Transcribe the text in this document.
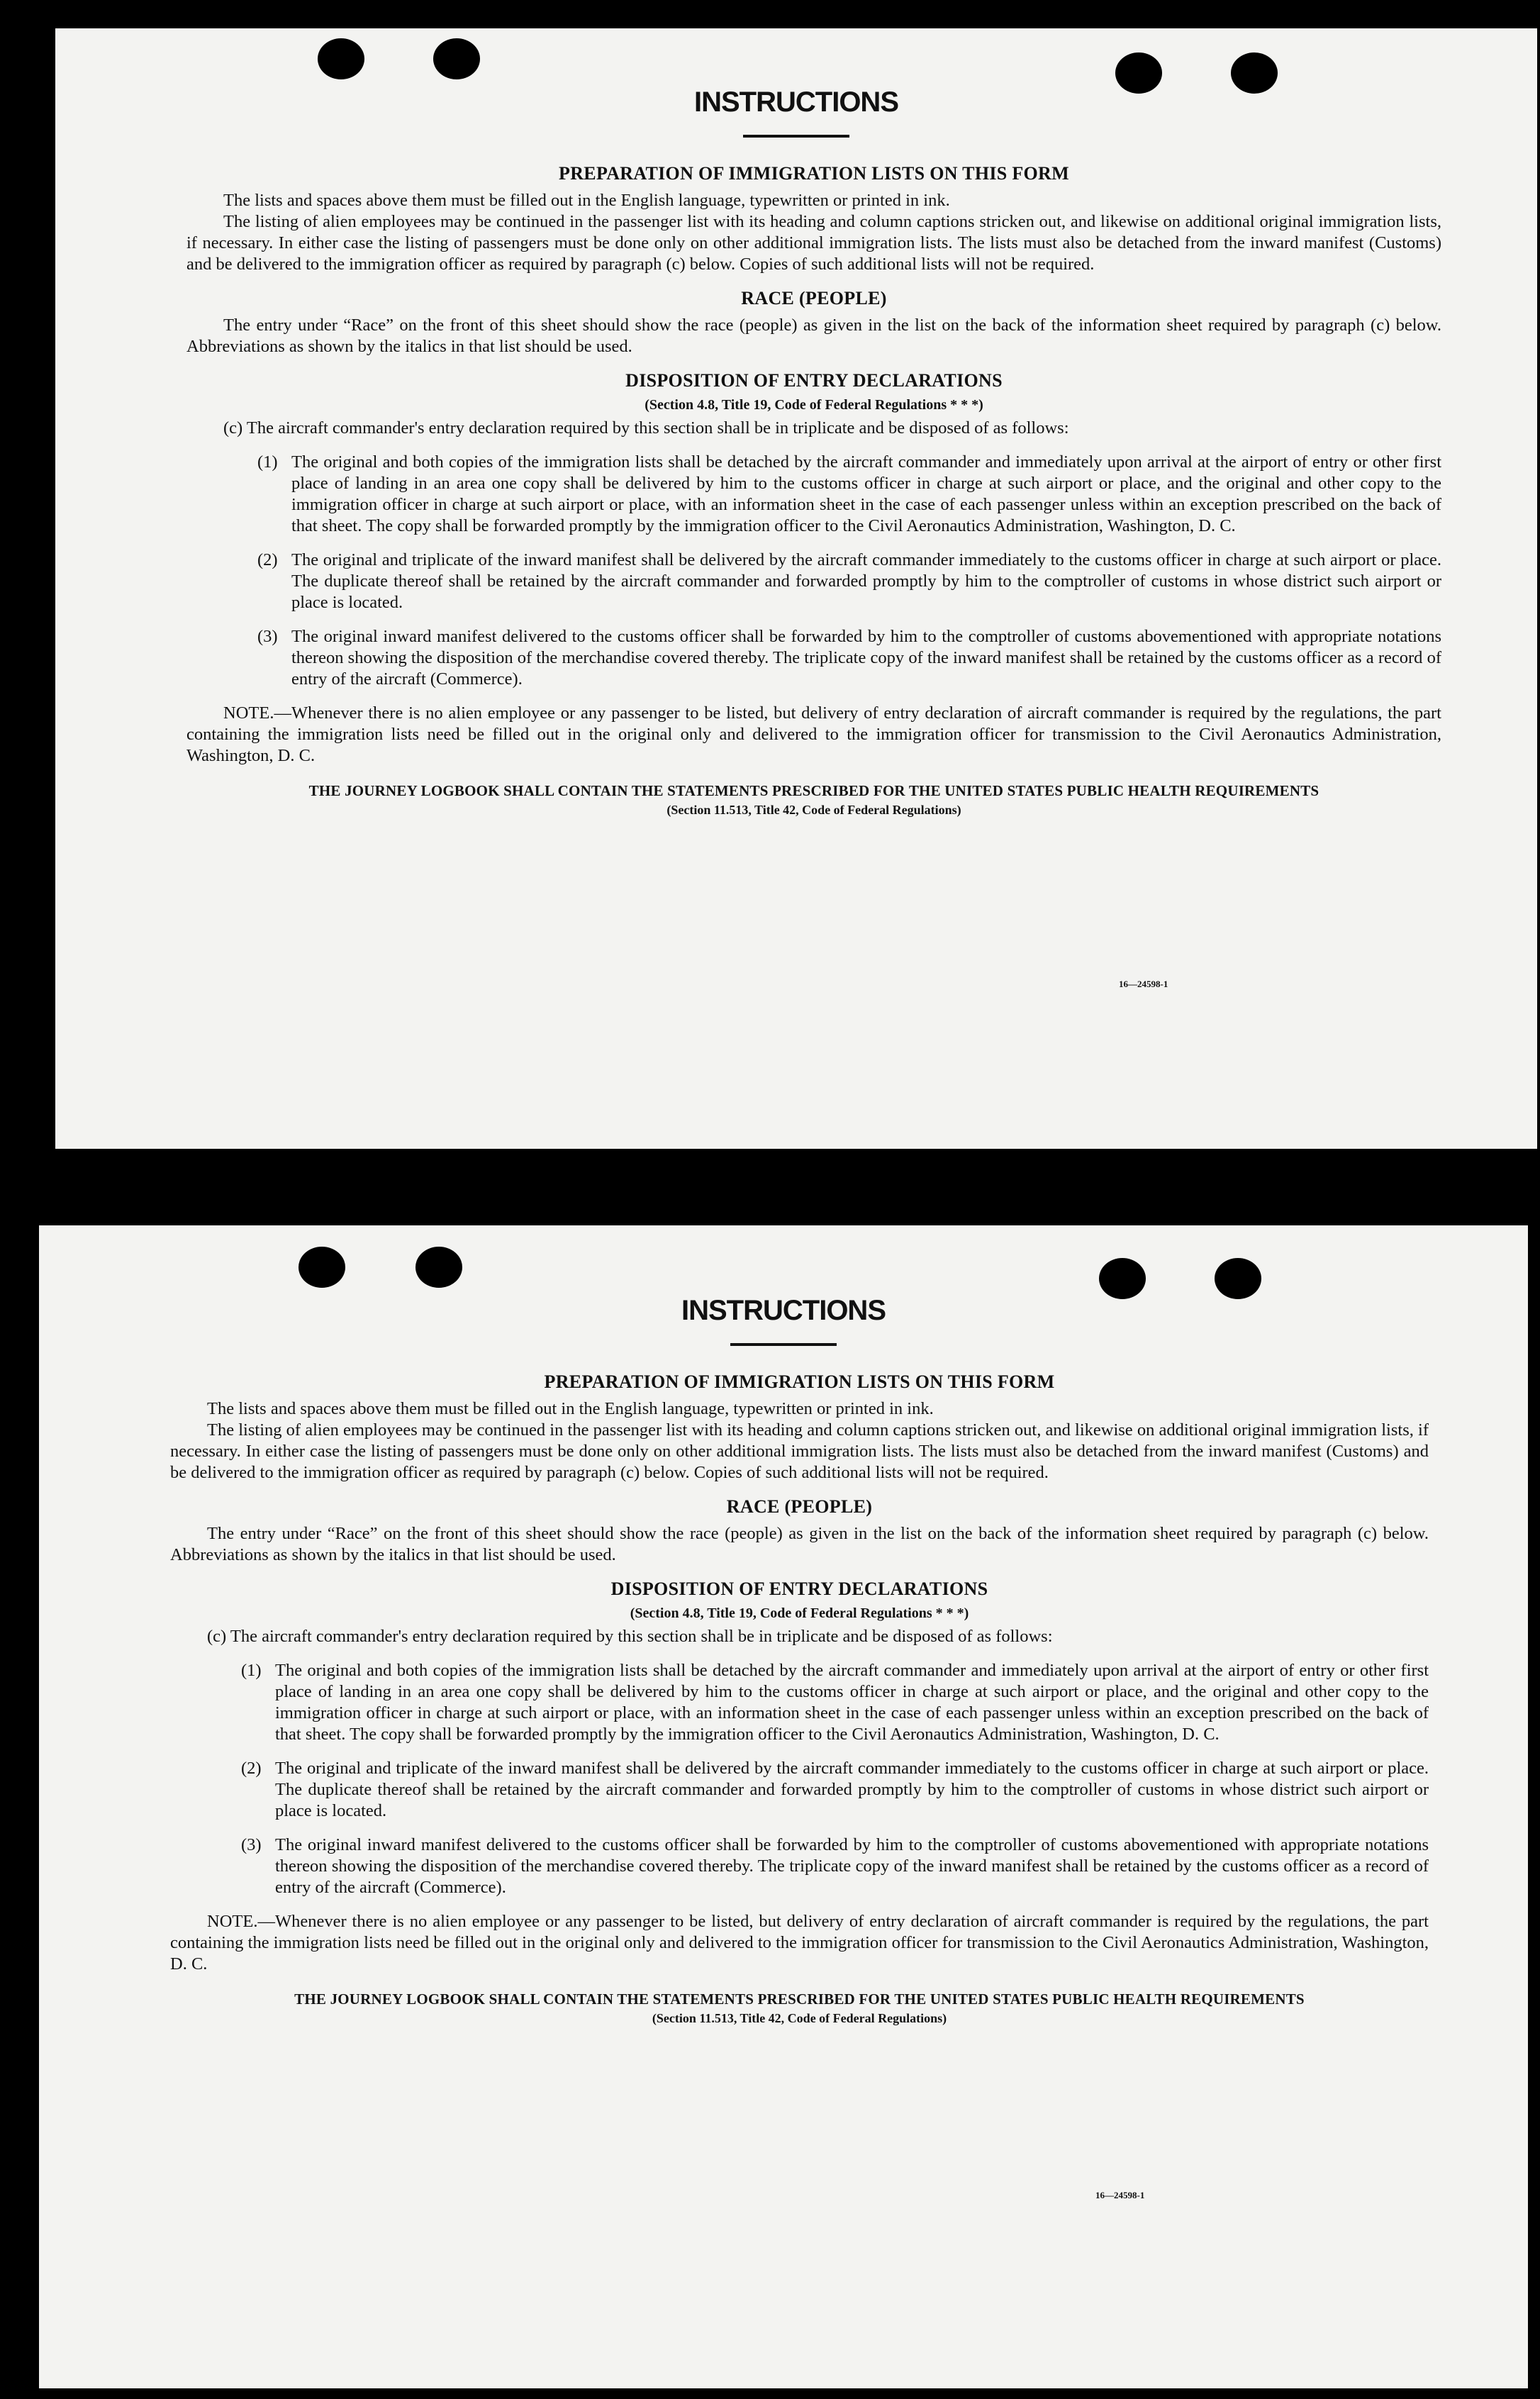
INSTRUCTIONS
PREPARATION OF IMMIGRATION LISTS ON THIS FORM

The lists and spaces above them must be filled out in the English language, typewritten or printed in ink.

The listing of alien employees may be continued in the passenger list with its heading and column captions stricken out, and likewise on additional original immigration lists, if necessary. In either case the listing of passengers must be done only on other additional immigration lists. The lists must also be detached from the inward manifest (Customs) and be delivered to the immigration officer as required by paragraph (c) below. Copies of such additional lists will not be required.

RACE (PEOPLE)

The entry under “Race” on the front of this sheet should show the race (people) as given in the list on the back of the information sheet required by paragraph (c) below. Abbreviations as shown by the italics in that list should be used.

DISPOSITION OF ENTRY DECLARATIONS
(Section 4.8, Title 19, Code of Federal Regulations * * *)

(c) The aircraft commander's entry declaration required by this section shall be in triplicate and be disposed of as follows:

(1) The original and both copies of the immigration lists shall be detached by the aircraft commander and immediately upon arrival at the airport of entry or other first place of landing in an area one copy shall be delivered by him to the customs officer in charge at such airport or place, and the original and other copy to the immigration officer in charge at such airport or place, with an information sheet in the case of each passenger unless within an exception prescribed on the back of that sheet. The copy shall be forwarded promptly by the immigration officer to the Civil Aeronautics Administration, Washington, D. C.
(2) The original and triplicate of the inward manifest shall be delivered by the aircraft commander immediately to the customs officer in charge at such airport or place. The duplicate thereof shall be retained by the aircraft commander and forwarded promptly by him to the comptroller of customs in whose district such airport or place is located.
(3) The original inward manifest delivered to the customs officer shall be forwarded by him to the comptroller of customs abovementioned with appropriate notations thereon showing the disposition of the merchandise covered thereby. The triplicate copy of the inward manifest shall be retained by the customs officer as a record of entry of the aircraft (Commerce).

NOTE.—Whenever there is no alien employee or any passenger to be listed, but delivery of entry declaration of aircraft commander is required by the regulations, the part containing the immigration lists need be filled out in the original only and delivered to the immigration officer for transmission to the Civil Aeronautics Administration, Washington, D. C.

THE JOURNEY LOGBOOK SHALL CONTAIN THE STATEMENTS PRESCRIBED FOR THE UNITED STATES PUBLIC HEALTH REQUIREMENTS
(Section 11.513, Title 42, Code of Federal Regulations)
16—24598-1
INSTRUCTIONS
PREPARATION OF IMMIGRATION LISTS ON THIS FORM

The lists and spaces above them must be filled out in the English language, typewritten or printed in ink.

The listing of alien employees may be continued in the passenger list with its heading and column captions stricken out, and likewise on additional original immigration lists, if necessary. In either case the listing of passengers must be done only on other additional immigration lists. The lists must also be detached from the inward manifest (Customs) and be delivered to the immigration officer as required by paragraph (c) below. Copies of such additional lists will not be required.

RACE (PEOPLE)

The entry under “Race” on the front of this sheet should show the race (people) as given in the list on the back of the information sheet required by paragraph (c) below. Abbreviations as shown by the italics in that list should be used.

DISPOSITION OF ENTRY DECLARATIONS
(Section 4.8, Title 19, Code of Federal Regulations * * *)

(c) The aircraft commander's entry declaration required by this section shall be in triplicate and be disposed of as follows:

(1) The original and both copies of the immigration lists shall be detached by the aircraft commander and immediately upon arrival at the airport of entry or other first place of landing in an area one copy shall be delivered by him to the customs officer in charge at such airport or place, and the original and other copy to the immigration officer in charge at such airport or place, with an information sheet in the case of each passenger unless within an exception prescribed on the back of that sheet. The copy shall be forwarded promptly by the immigration officer to the Civil Aeronautics Administration, Washington, D. C.
(2) The original and triplicate of the inward manifest shall be delivered by the aircraft commander immediately to the customs officer in charge at such airport or place. The duplicate thereof shall be retained by the aircraft commander and forwarded promptly by him to the comptroller of customs in whose district such airport or place is located.
(3) The original inward manifest delivered to the customs officer shall be forwarded by him to the comptroller of customs abovementioned with appropriate notations thereon showing the disposition of the merchandise covered thereby. The triplicate copy of the inward manifest shall be retained by the customs officer as a record of entry of the aircraft (Commerce).

NOTE.—Whenever there is no alien employee or any passenger to be listed, but delivery of entry declaration of aircraft commander is required by the regulations, the part containing the immigration lists need be filled out in the original only and delivered to the immigration officer for transmission to the Civil Aeronautics Administration, Washington, D. C.

THE JOURNEY LOGBOOK SHALL CONTAIN THE STATEMENTS PRESCRIBED FOR THE UNITED STATES PUBLIC HEALTH REQUIREMENTS
(Section 11.513, Title 42, Code of Federal Regulations)
16—24598-1
